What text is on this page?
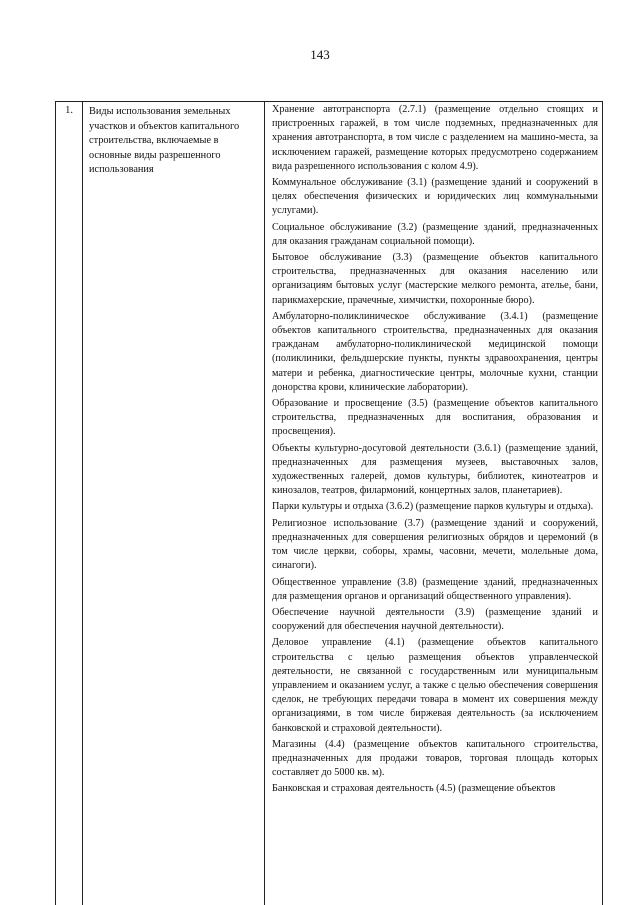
143
1.	Виды использования земельных участков и объектов капитального строительства, включаемые в основные виды разрешенного использования

Хранение автотранспорта (2.7.1) (размещение отдельно стоящих и пристроенных гаражей, в том числе подземных, предназначенных для хранения автотранспорта, в том числе с разделением на машино-места, за исключением гаражей, размещение которых предусмотрено содержанием вида разрешенного использования с колом 4.9).

Коммунальное обслуживание (3.1) (размещение зданий и сооружений в целях обеспечения физических и юридических лиц коммунальными услугами).

Социальное обслуживание (3.2) (размещение зданий, предназначенных для оказания гражданам социальной помощи).

Бытовое обслуживание (3.3) (размещение объектов капитального строительства, предназначенных для оказания населению или организациям бытовых услуг (мастерские мелкого ремонта, ателье, бани, парикмахерские, прачечные, химчистки, похоронные бюро).

Амбулаторно-поликлиническое обслуживание (3.4.1) (размещение объектов капитального строительства, предназначенных для оказания гражданам амбулаторно-поликлинической медицинской помощи (поликлиники, фельдшерские пункты, пункты здравоохранения, центры матери и ребенка, диагностические центры, молочные кухни, станции донорства крови, клинические лаборатории).

Образование и просвещение (3.5) (размещение объектов капитального строительства, предназначенных для воспитания, образования и просвещения).

Объекты культурно-досуговой деятельности (3.6.1) (размещение зданий, предназначенных для размещения музеев, выставочных залов, художественных галерей, домов культуры, библиотек, кинотеатров и кинозалов, театров, филармоний, концертных залов, планетариев).

Парки культуры и отдыха (3.6.2) (размещение парков культуры и отдыха).

Религиозное использование (3.7) (размещение зданий и сооружений, предназначенных для совершения религиозных обрядов и церемоний (в том числе церкви, соборы, храмы, часовни, мечети, молельные дома, синагоги).

Общественное управление (3.8) (размещение зданий, предназначенных для размещения органов и организаций общественного управления).

Обеспечение научной деятельности (3.9) (размещение зданий и сооружений для обеспечения научной деятельности).

Деловое управление (4.1) (размещение объектов капитального строительства с целью размещения объектов управленческой деятельности, не связанной с государственным или муниципальным управлением и оказанием услуг, а также с целью обеспечения совершения сделок, не требующих передачи товара в момент их совершения между организациями, в том числе биржевая деятельность (за исключением банковской и страховой деятельности).

Магазины (4.4) (размещение объектов капитального строительства, предназначенных для продажи товаров, торговая площадь которых составляет до 5000 кв. м).

Банковская и страховая деятельность (4.5) (размещение объектов
